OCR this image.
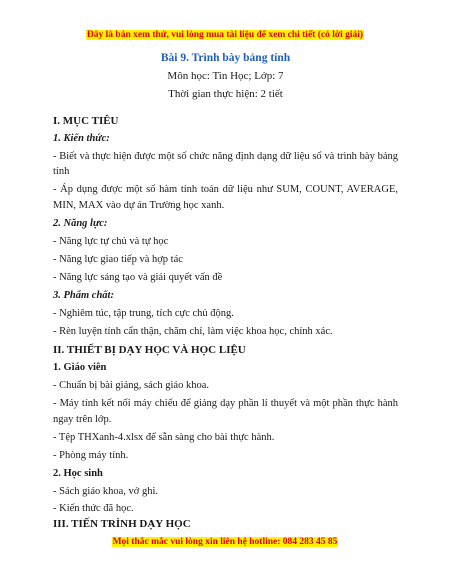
Đây là bản xem thử, vui lòng mua tài liệu để xem chi tiết (có lời giải)
Bài 9. Trình bày bảng tính
Môn học: Tin Học; Lớp: 7
Thời gian thực hiện: 2 tiết
I. MỤC TIÊU
1. Kiến thức:
- Biết và thực hiện được một số chức năng định dạng dữ liệu số và trình bày bảng
tính
- Áp dụng được một số hàm tính toán dữ liệu như SUM, COUNT, AVERAGE,
MIN, MAX vào dự án Trường học xanh.
2. Năng lực:
- Năng lực tự chủ và tự học
- Năng lực giao tiếp và hợp tác
- Năng lực sáng tạo và giải quyết vấn đề
3. Phẩm chất:
- Nghiêm túc, tập trung, tích cực chủ động.
- Rèn luyện tính cẩn thận, chăm chỉ, làm việc khoa học, chính xác.
II. THIẾT BỊ DẠY HỌC VÀ HỌC LIỆU
1. Giáo viên
- Chuẩn bị bài giảng, sách giáo khoa.
- Máy tính kết nối máy chiếu để giảng dạy phần lí thuyết và một phần thực hành
ngay trên lớp.
- Tệp THXanh-4.xlsx để sẵn sàng cho bài thực hành.
- Phòng máy tính.
2. Học sinh
- Sách giáo khoa, vở ghi.
- Kiến thức đã học.
III. TIẾN TRÌNH DẠY HỌC
Mọi thắc mắc vui lòng xin liên hệ hotline: 084 283 45 85
